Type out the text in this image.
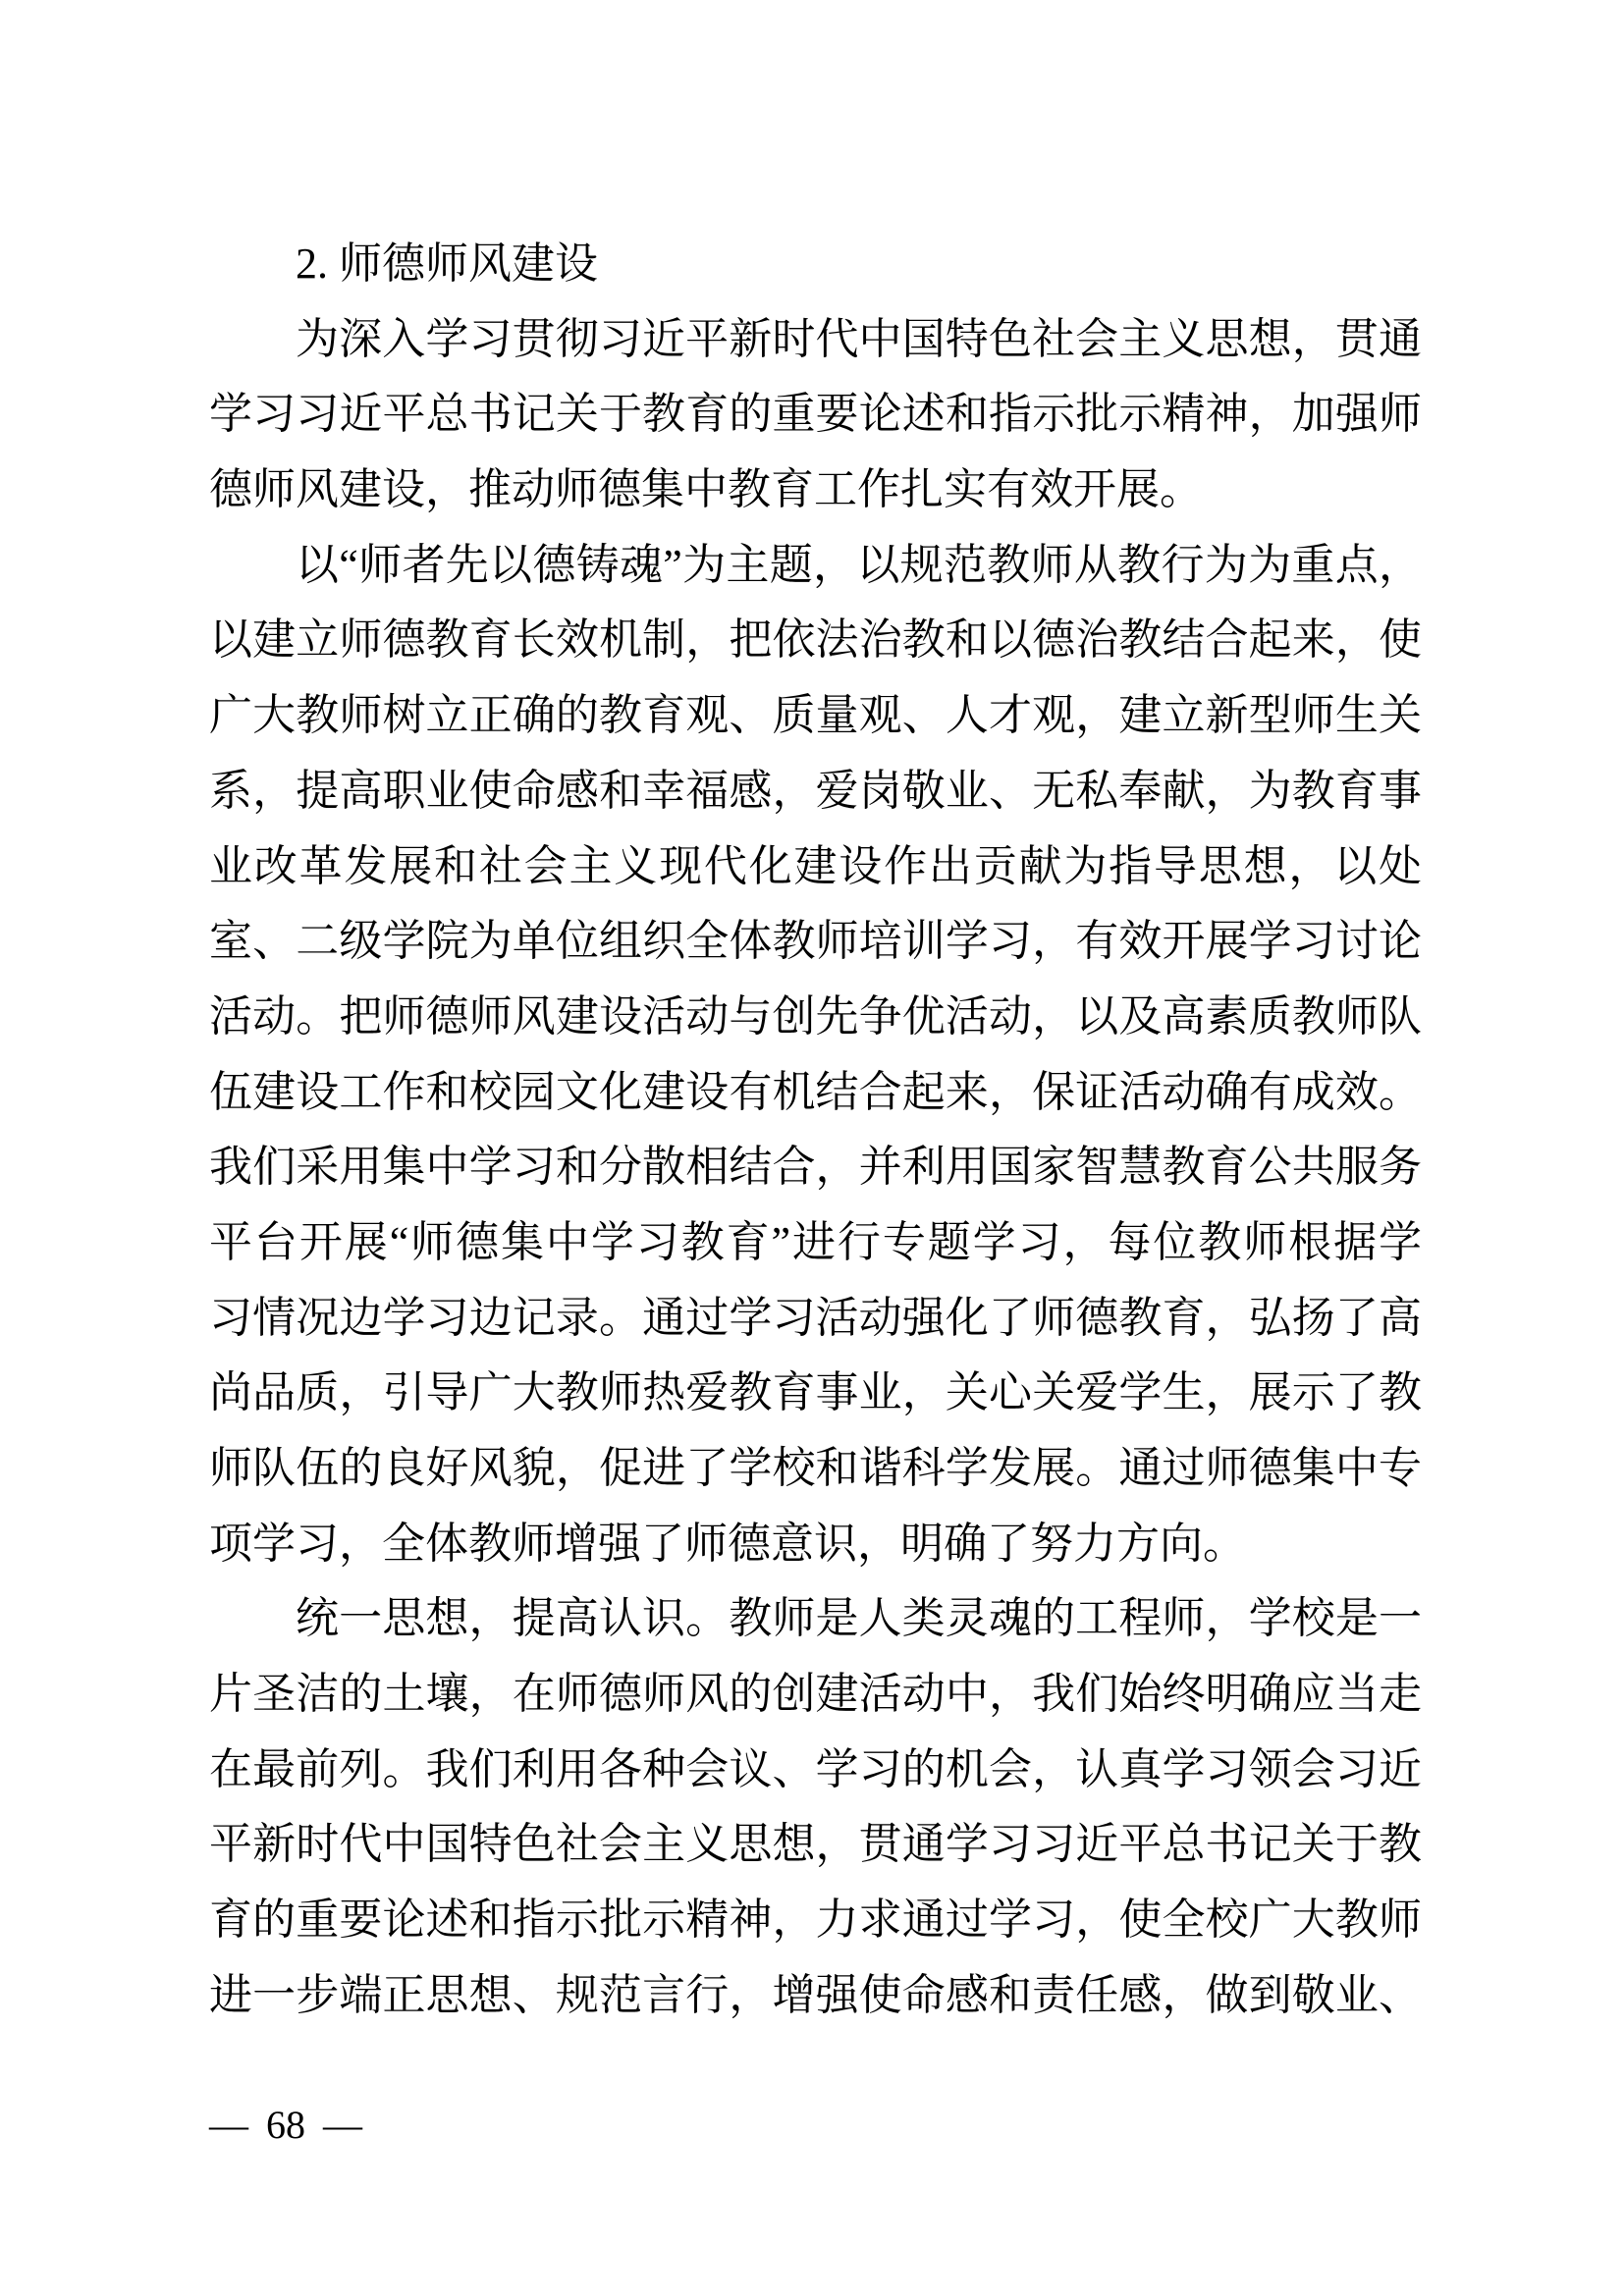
2. 师德师风建设
为深入学习贯彻习近平新时代中国特色社会主义思想，贯通
学习习近平总书记关于教育的重要论述和指示批示精神，加强师
德师风建设，推动师德集中教育工作扎实有效开展。
以“师者先以德铸魂”为主题，以规范教师从教行为为重点，
以建立师德教育长效机制，把依法治教和以德治教结合起来，使
广大教师树立正确的教育观、质量观、人才观，建立新型师生关
系，提高职业使命感和幸福感，爱岗敬业、无私奉献，为教育事
业改革发展和社会主义现代化建设作出贡献为指导思想，以处
室、二级学院为单位组织全体教师培训学习，有效开展学习讨论
活动。把师德师风建设活动与创先争优活动，以及高素质教师队
伍建设工作和校园文化建设有机结合起来，保证活动确有成效。
我们采用集中学习和分散相结合，并利用国家智慧教育公共服务
平台开展“师德集中学习教育”进行专题学习，每位教师根据学
习情况边学习边记录。通过学习活动强化了师德教育，弘扬了高
尚品质，引导广大教师热爱教育事业，关心关爱学生，展示了教
师队伍的良好风貌，促进了学校和谐科学发展。通过师德集中专
项学习，全体教师增强了师德意识，明确了努力方向。
统一思想，提高认识。教师是人类灵魂的工程师，学校是一
片圣洁的土壤，在师德师风的创建活动中，我们始终明确应当走
在最前列。我们利用各种会议、学习的机会，认真学习领会习近
平新时代中国特色社会主义思想，贯通学习习近平总书记关于教
育的重要论述和指示批示精神，力求通过学习，使全校广大教师
进一步端正思想、规范言行，增强使命感和责任感，做到敬业、
— 68 —
